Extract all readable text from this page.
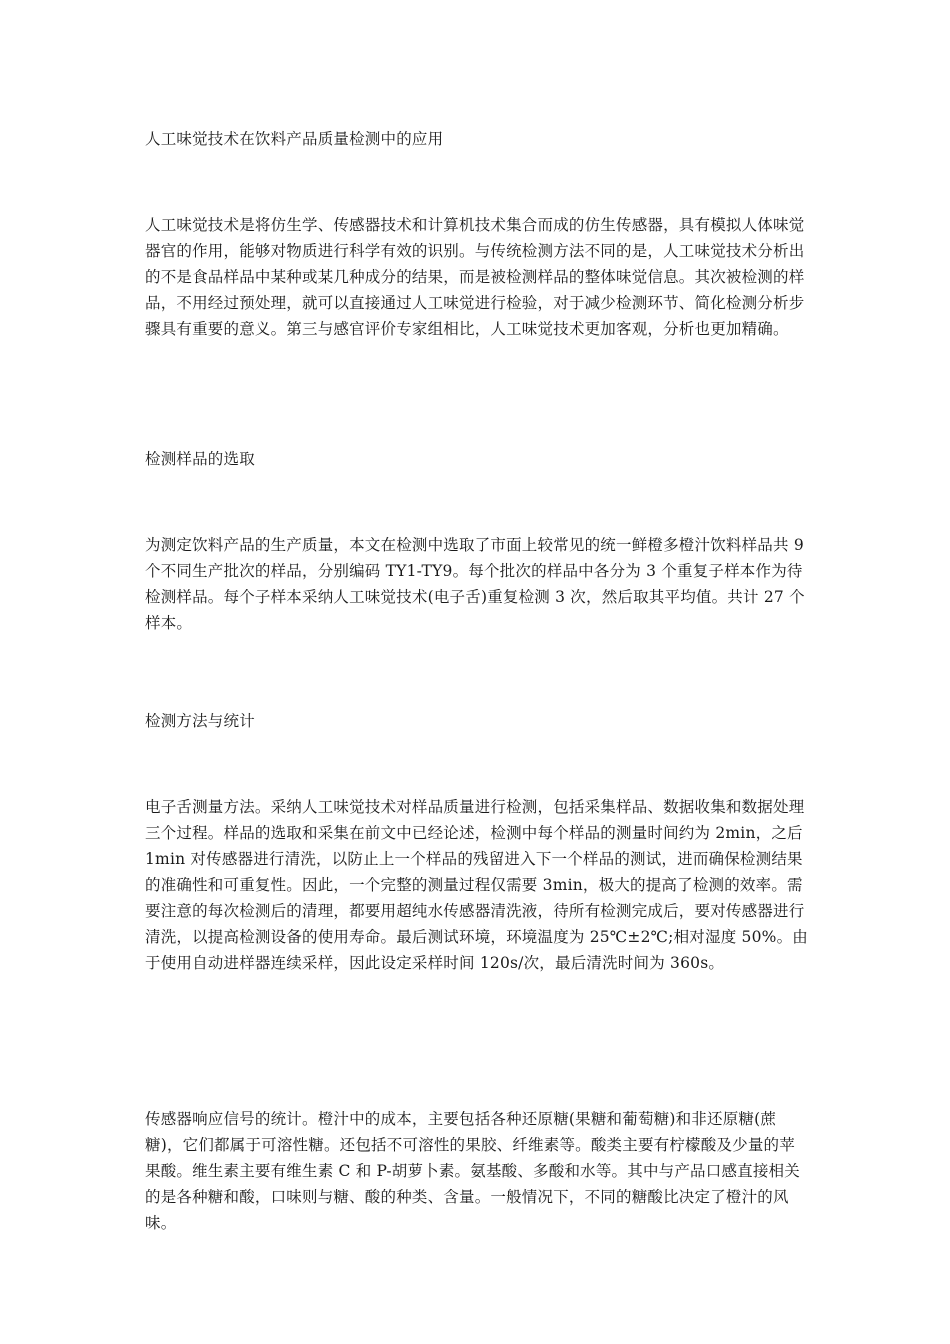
人工味觉技术在饮料产品质量检测中的应用

人工味觉技术是将仿生学、传感器技术和计算机技术集合而成的仿生传感器，具有模拟人体味觉器官的作用，能够对物质进行科学有效的识别。与传统检测方法不同的是，人工味觉技术分析出的不是食品样品中某种或某几种成分的结果，而是被检测样品的整体味觉信息。其次被检测的样品，不用经过预处理，就可以直接通过人工味觉进行检验，对于减少检测环节、简化检测分析步骤具有重要的意义。第三与感官评价专家组相比，人工味觉技术更加客观，分析也更加精确。

检测样品的选取

为测定饮料产品的生产质量，本文在检测中选取了市面上较常见的统一鲜橙多橙汁饮料样品共 9 个不同生产批次的样品，分别编码 TY1-TY9。每个批次的样品中各分为 3 个重复子样本作为待检测样品。每个子样本采纳人工味觉技术(电子舌)重复检测 3 次，然后取其平均值。共计 27 个样本。

检测方法与统计

电子舌测量方法。采纳人工味觉技术对样品质量进行检测，包括采集样品、数据收集和数据处理三个过程。样品的选取和采集在前文中已经论述，检测中每个样品的测量时间约为 2min，之后 1min 对传感器进行清洗，以防止上一个样品的残留进入下一个样品的测试，进而确保检测结果的准确性和可重复性。因此，一个完整的测量过程仅需要 3min，极大的提高了检测的效率。需要注意的每次检测后的清理，都要用超纯水传感器清洗液，待所有检测完成后，要对传感器进行清洗，以提高检测设备的使用寿命。最后测试环境，环境温度为 25℃±2℃;相对湿度 50%。由于使用自动进样器连续采样，因此设定采样时间 120s/次，最后清洗时间为 360s。

传感器响应信号的统计。橙汁中的成本，主要包括各种还原糖(果糖和葡萄糖)和非还原糖(蔗糖)，它们都属于可溶性糖。还包括不可溶性的果胶、纤维素等。酸类主要有柠檬酸及少量的苹果酸。维生素主要有维生素 C 和 P-胡萝卜素。氨基酸、多酸和水等。其中与产品口感直接相关的是各种糖和酸，口味则与糖、酸的种类、含量。一般情况下，不同的糖酸比决定了橙汁的风味。
